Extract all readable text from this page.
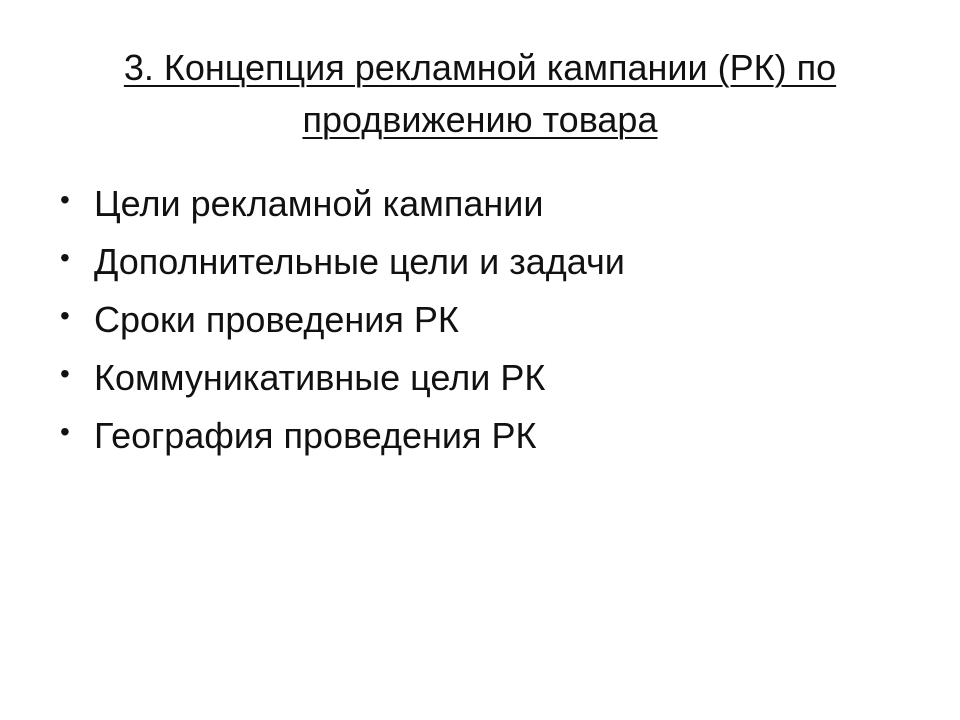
3. Концепция рекламной кампании (РК) по
продвижению товара
• Цели рекламной кампании
• Дополнительные цели и задачи
• Сроки проведения РК
• Коммуникативные цели РК
• География проведения РК
